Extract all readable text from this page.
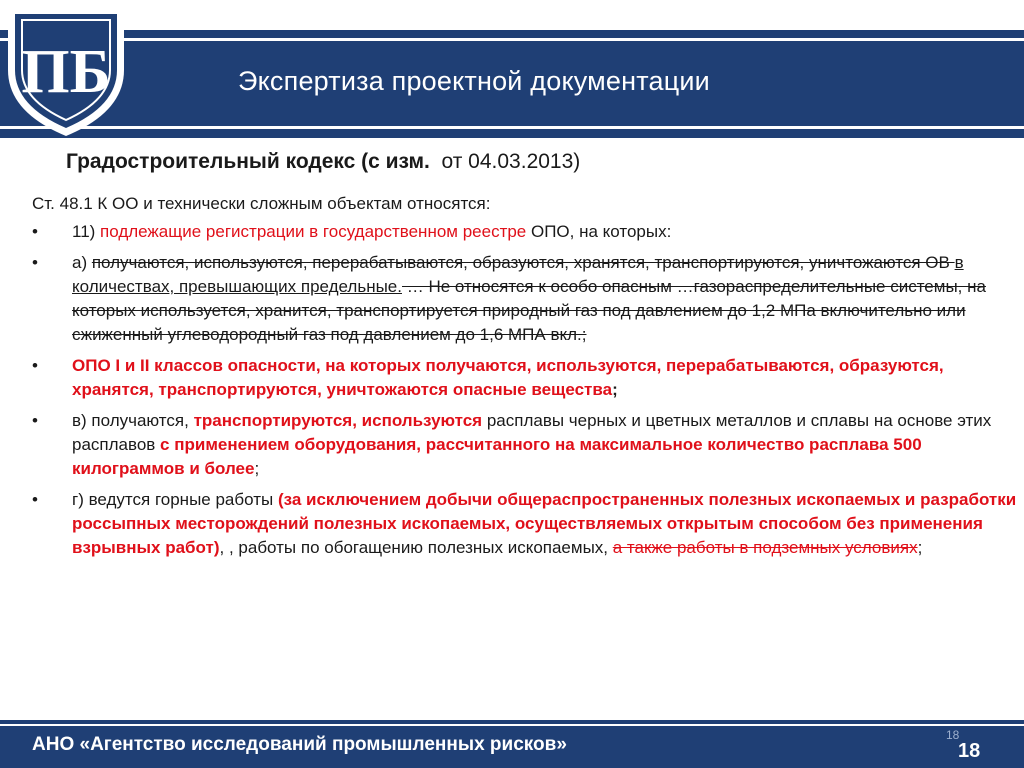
ПБ	Экспертиза проектной документации
Градостроительный кодекс (с изм. от 04.03.2013)

Ст. 48.1 К ОО и технически сложным объектам относятся:

• 11) подлежащие регистрации в государственном реестре ОПО, на которых:

• а) получаются, используются, перерабатываются, образуются, хранятся, транспортируются, уничтожаются ОВ в количествах, превышающих предельные. … Не относятся к особо опасным …газораспределительные системы, на которых используется, хранится, транспортируется природный газ под давлением до 1,2 МПа включительно или сжиженный углеводородный газ под давлением до 1,6 МПА вкл.;

• ОПО I и II классов опасности, на которых получаются, используются, перерабатываются, образуются, хранятся, транспортируются, уничтожаются опасные вещества;

• в) получаются, транспортируются, используются расплавы черных и цветных металлов и сплавы на основе этих расплавов с применением оборудования, рассчитанного на максимальное количество расплава 500 килограммов и более;

• г) ведутся горные работы (за исключением добычи общераспространенных полезных ископаемых и разработки россыпных месторождений полезных ископаемых, осуществляемых открытым способом без применения взрывных работ), , работы по обогащению полезных ископаемых, а также работы в подземных условиях;

АНО «Агентство исследований промышленных рисков»	18
18
